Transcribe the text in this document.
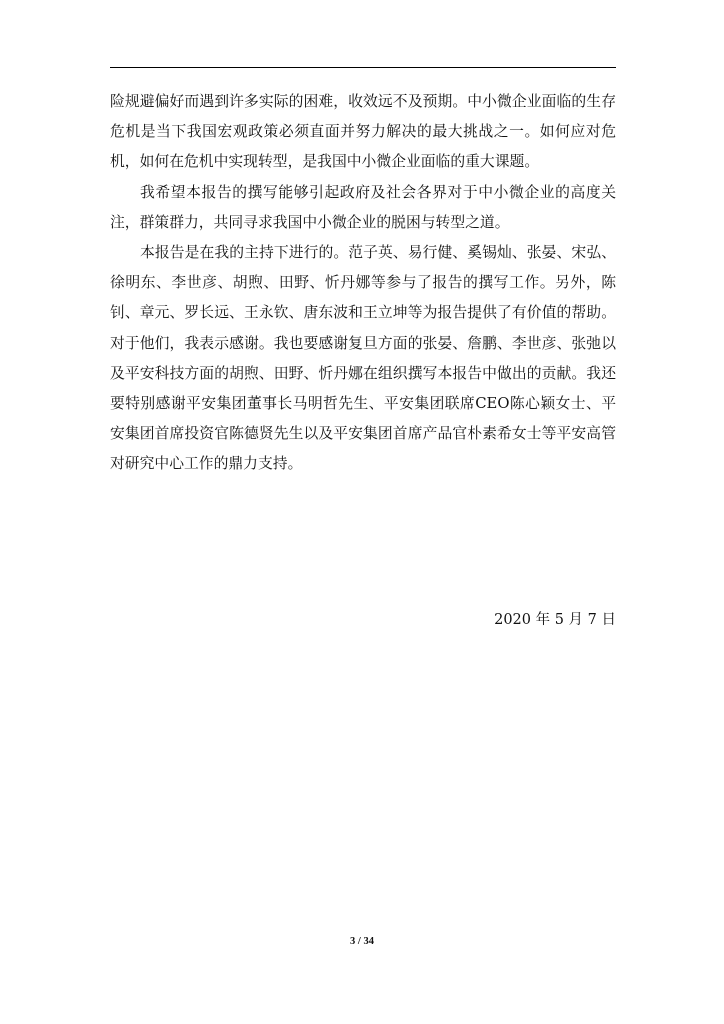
险规避偏好而遇到许多实际的困难，收效远不及预期。中小微企业面临的生存危机是当下我国宏观政策必须直面并努力解决的最大挑战之一。如何应对危机，如何在危机中实现转型，是我国中小微企业面临的重大课题。

我希望本报告的撰写能够引起政府及社会各界对于中小微企业的高度关注，群策群力，共同寻求我国中小微企业的脱困与转型之道。

本报告是在我的主持下进行的。范子英、易行健、奚锡灿、张晏、宋弘、徐明东、李世彦、胡煦、田野、忻丹娜等参与了报告的撰写工作。另外，陈钊、章元、罗长远、王永钦、唐东波和王立坤等为报告提供了有价值的帮助。对于他们，我表示感谢。我也要感谢复旦方面的张晏、詹鹏、李世彦、张弛以及平安科技方面的胡煦、田野、忻丹娜在组织撰写本报告中做出的贡献。我还要特别感谢平安集团董事长马明哲先生、平安集团联席CEO陈心颖女士、平安集团首席投资官陈德贤先生以及平安集团首席产品官朴素希女士等平安高管对研究中心工作的鼎力支持。

2020 年 5 月 7 日
3 / 34
